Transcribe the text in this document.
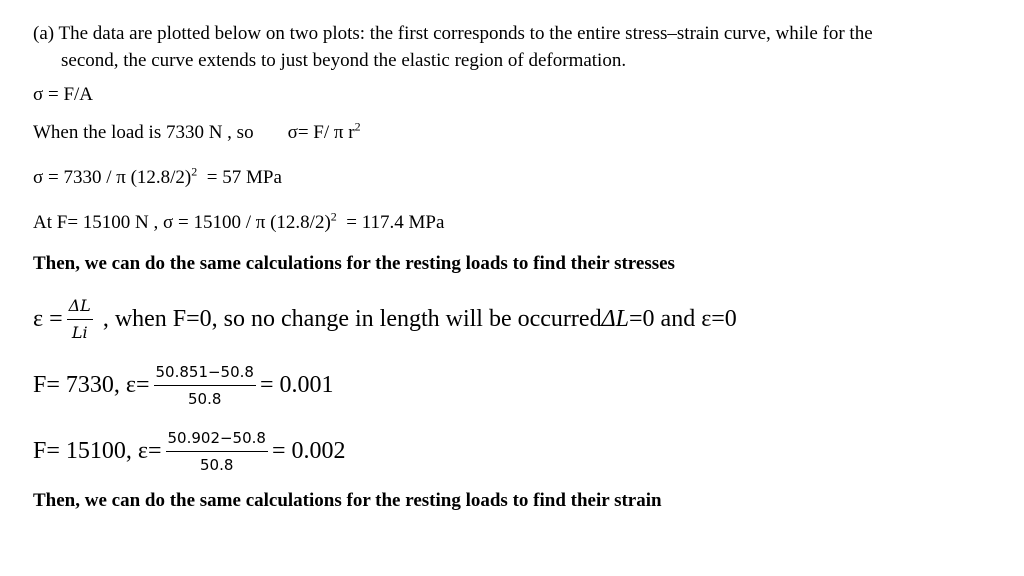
(a) The data are plotted below on two plots: the first corresponds to the entire stress–strain curve, while for the
second, the curve extends to just beyond the elastic region of deformation.
σ = F/A
When the load is 7330 N , so σ= F/ π $r^2$
σ = 7330 / π $(12.8/2)^2 = 57$ MPa
At F= 15100 N , σ = 15100 / π $(12.8/2)^2 = 117.4$ MPa
Then, we can do the same calculations for the resting loads to find their stresses
$\varepsilon = \frac{\Delta L}{Li}$ , when F=0, so no change in length will be occurred ΔL =0 and ε=0
F= 7330, $\varepsilon= \frac{50.851-50.8}{50.8} = 0.001$
F= 15100, $\varepsilon= \frac{50.902-50.8}{50.8} = 0.002$
Then, we can do the same calculations for the resting loads to find their strain
